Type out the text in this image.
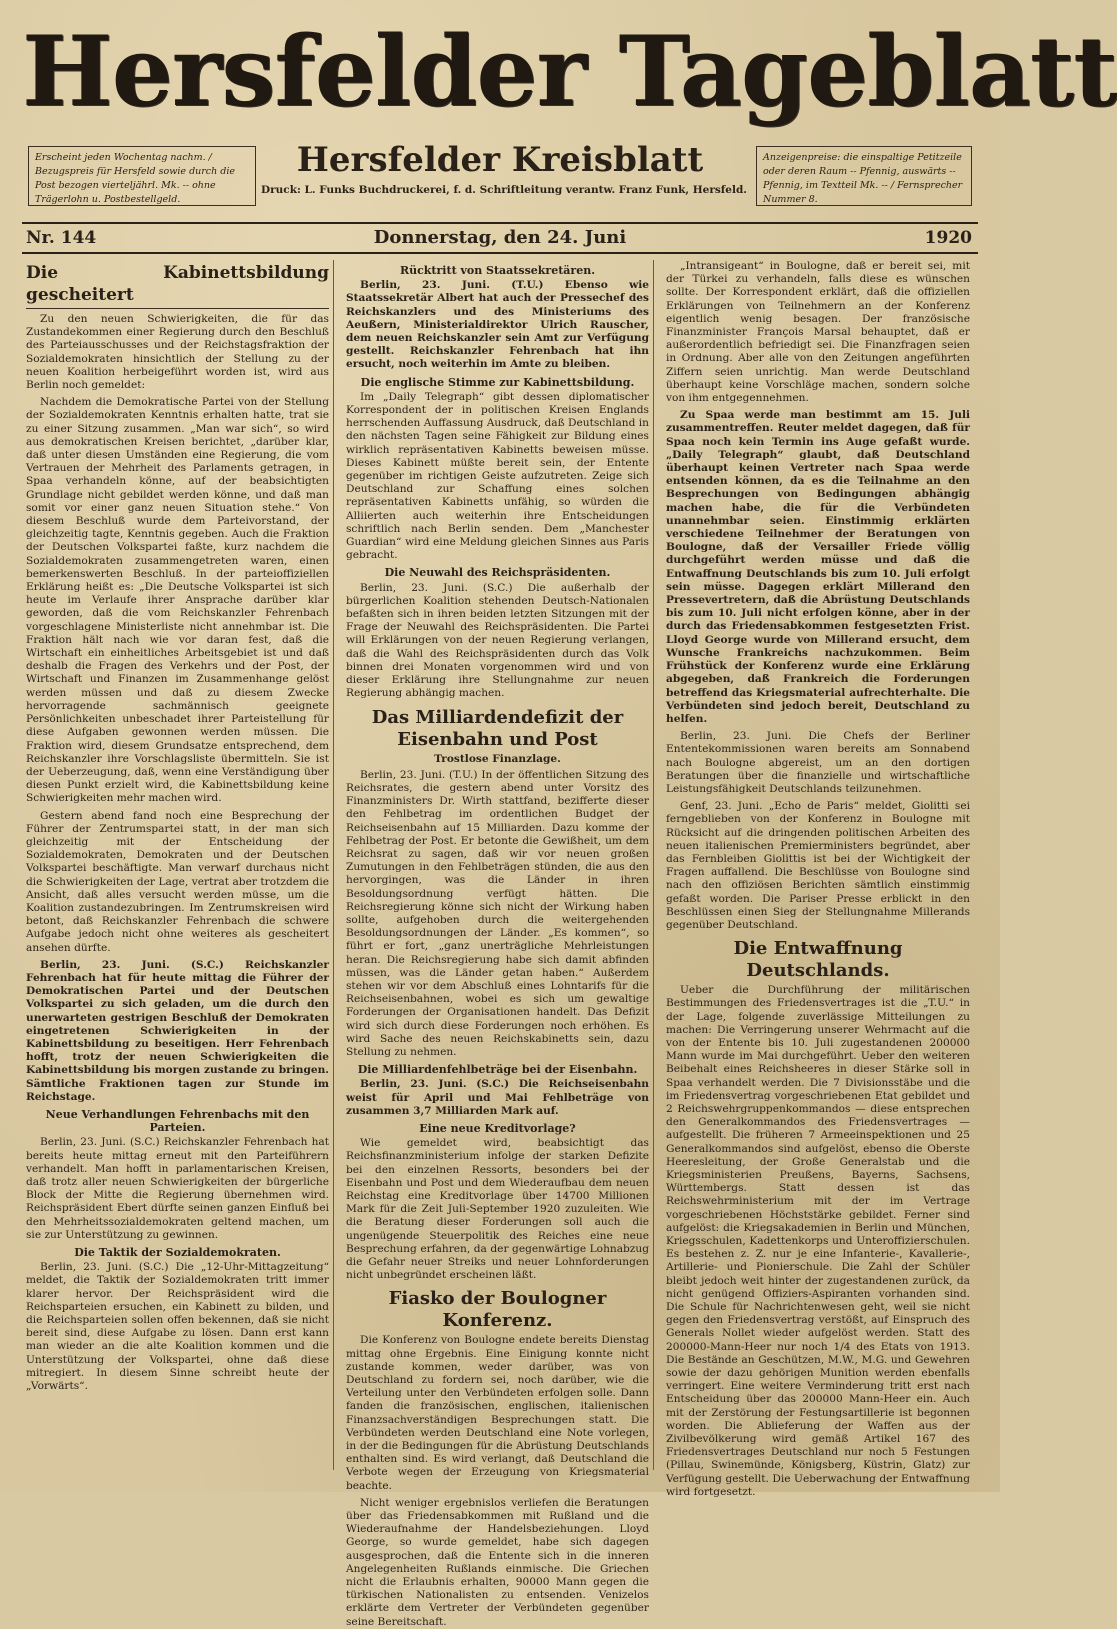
Hersfelder Tageblatt
Erscheint jeden Wochentag nachm. / Bezugspreis für Hersfeld sowie durch die Post bezogen vierteljährl. Mk. -- ohne Trägerlohn u. Postbestellgeld.
Hersfelder Kreisblatt
Druck: L. Funks Buchdruckerei, f. d. Schriftleitung verantw. Franz Funk, Hersfeld.
Anzeigenpreise: die einspaltige Petitzeile oder deren Raum -- Pfennig, auswärts -- Pfennig, im Textteil Mk. -- / Fernsprecher Nummer 8.
Nr. 144	Donnerstag, den 24. Juni	1920
Die Kabinettsbildung gescheitert

Zu den neuen Schwierigkeiten, die für das Zustandekommen einer Regierung durch den Beschluß des Parteiausschusses und der Reichstagsfraktion der Sozialdemokraten hinsichtlich der Stellung zu der neuen Koalition herbeigeführt worden ist, wird aus Berlin noch gemeldet:

Nachdem die Demokratische Partei von der Stellung der Sozialdemokraten Kenntnis erhalten hatte, trat sie zu einer Sitzung zusammen. „Man war sich“, so wird aus demokratischen Kreisen berichtet, „darüber klar, daß unter diesen Umständen eine Regierung, die vom Vertrauen der Mehrheit des Parlaments getragen, in Spaa verhandeln könne, auf der beabsichtigten Grundlage nicht gebildet werden könne, und daß man somit vor einer ganz neuen Situation stehe.“ Von diesem Beschluß wurde dem Parteivorstand, der gleichzeitig tagte, Kenntnis gegeben. Auch die Fraktion der Deutschen Volkspartei faßte, kurz nachdem die Sozialdemokraten zusammengetreten waren, einen bemerkenswerten Beschluß. In der parteioffiziellen Erklärung heißt es: „Die Deutsche Volkspartei ist sich heute im Verlaufe ihrer Ansprache darüber klar geworden, daß die vom Reichskanzler Fehrenbach vorgeschlagene Ministerliste nicht annehmbar ist. Die Fraktion hält nach wie vor daran fest, daß die Wirtschaft ein einheitliches Arbeitsgebiet ist und daß deshalb die Fragen des Verkehrs und der Post, der Wirtschaft und Finanzen im Zusammenhange gelöst werden müssen und daß zu diesem Zwecke hervorragende sachmännisch geeignete Persönlichkeiten unbeschadet ihrer Parteistellung für diese Aufgaben gewonnen werden müssen. Die Fraktion wird, diesem Grundsatze entsprechend, dem Reichskanzler ihre Vorschlagsliste übermitteln. Sie ist der Ueberzeugung, daß, wenn eine Verständigung über diesen Punkt erzielt wird, die Kabinettsbildung keine Schwierigkeiten mehr machen wird.

Gestern abend fand noch eine Besprechung der Führer der Zentrumspartei statt, in der man sich gleichzeitig mit der Entscheidung der Sozialdemokraten, Demokraten und der Deutschen Volkspartei beschäftigte. Man verwarf durchaus nicht die Schwierigkeiten der Lage, vertrat aber trotzdem die Ansicht, daß alles versucht werden müsse, um die Koalition zustandezubringen. Im Zentrumskreisen wird betont, daß Reichskanzler Fehrenbach die schwere Aufgabe jedoch nicht ohne weiteres als gescheitert ansehen dürfte.

Berlin, 23. Juni. (S.C.) Reichskanzler Fehrenbach hat für heute mittag die Führer der Demokratischen Partei und der Deutschen Volkspartei zu sich geladen, um die durch den unerwarteten gestrigen Beschluß der Demokraten eingetretenen Schwierigkeiten in der Kabinettsbildung zu beseitigen. Herr Fehrenbach hofft, trotz der neuen Schwierigkeiten die Kabinettsbildung bis morgen zustande zu bringen. Sämtliche Fraktionen tagen zur Stunde im Reichstage.

Neue Verhandlungen Fehrenbachs mit den Parteien.

Berlin, 23. Juni. (S.C.) Reichskanzler Fehrenbach hat bereits heute mittag erneut mit den Parteiführern verhandelt. Man hofft in parlamentarischen Kreisen, daß trotz aller neuen Schwierigkeiten der bürgerliche Block der Mitte die Regierung übernehmen wird. Reichspräsident Ebert dürfte seinen ganzen Einfluß bei den Mehrheitssozialdemokraten geltend machen, um sie zur Unterstützung zu gewinnen.

Die Taktik der Sozialdemokraten.

Berlin, 23. Juni. (S.C.) Die „12-Uhr-Mittagzeitung“ meldet, die Taktik der Sozialdemokraten tritt immer klarer hervor. Der Reichspräsident wird die Reichsparteien ersuchen, ein Kabinett zu bilden, und die Reichsparteien sollen offen bekennen, daß sie nicht bereit sind, diese Aufgabe zu lösen. Dann erst kann man wieder an die alte Koalition kommen und die Unterstützung der Volkspartei, ohne daß diese mitregiert. In diesem Sinne schreibt heute der „Vorwärts“.

Rücktritt von Staatssekretären.

Berlin, 23. Juni. (T.U.) Ebenso wie Staatssekretär Albert hat auch der Pressechef des Reichskanzlers und des Ministeriums des Aeußern, Ministerialdirektor Ulrich Rauscher, dem neuen Reichskanzler sein Amt zur Verfügung gestellt. Reichskanzler Fehrenbach hat ihn ersucht, noch weiterhin im Amte zu bleiben.

Die englische Stimme zur Kabinettsbildung.

Im „Daily Telegraph“ gibt dessen diplomatischer Korrespondent der in politischen Kreisen Englands herrschenden Auffassung Ausdruck, daß Deutschland in den nächsten Tagen seine Fähigkeit zur Bildung eines wirklich repräsentativen Kabinetts beweisen müsse. Dieses Kabinett müßte bereit sein, der Entente gegenüber im richtigen Geiste aufzutreten. Zeige sich Deutschland zur Schaffung eines solchen repräsentativen Kabinetts unfähig, so würden die Alliierten auch weiterhin ihre Entscheidungen schriftlich nach Berlin senden. Dem „Manchester Guardian“ wird eine Meldung gleichen Sinnes aus Paris gebracht.

Die Neuwahl des Reichspräsidenten.

Berlin, 23. Juni. (S.C.) Die außerhalb der bürgerlichen Koalition stehenden Deutsch-Nationalen befaßten sich in ihren beiden letzten Sitzungen mit der Frage der Neuwahl des Reichspräsidenten. Die Partei will Erklärungen von der neuen Regierung verlangen, daß die Wahl des Reichspräsidenten durch das Volk binnen drei Monaten vorgenommen wird und von dieser Erklärung ihre Stellungnahme zur neuen Regierung abhängig machen.

Das Milliardendefizit der Eisenbahn und Post
Trostlose Finanzlage.

Berlin, 23. Juni. (T.U.) In der öffentlichen Sitzung des Reichsrates, die gestern abend unter Vorsitz des Finanzministers Dr. Wirth stattfand, bezifferte dieser den Fehlbetrag im ordentlichen Budget der Reichseisenbahn auf 15 Milliarden. Dazu komme der Fehlbetrag der Post. Er betonte die Gewißheit, um dem Reichsrat zu sagen, daß wir vor neuen großen Zumutungen in den Fehlbeträgen stünden, die aus den hervorgingen, was die Länder in ihren Besoldungsordnung verfügt hätten. Die Reichsregierung könne sich nicht der Wirkung haben sollte, aufgehoben durch die weitergehenden Besoldungsordnungen der Länder. „Es kommen“, so führt er fort, „ganz unerträgliche Mehrleistungen heran. Die Reichsregierung habe sich damit abfinden müssen, was die Länder getan haben.“ Außerdem stehen wir vor dem Abschluß eines Lohntarifs für die Reichseisenbahnen, wobei es sich um gewaltige Forderungen der Organisationen handelt. Das Defizit wird sich durch diese Forderungen noch erhöhen. Es wird Sache des neuen Reichskabinetts sein, dazu Stellung zu nehmen.

Die Milliardenfehlbeträge bei der Eisenbahn.

Berlin, 23. Juni. (S.C.) Die Reichseisenbahn weist für April und Mai Fehlbeträge von zusammen 3,7 Milliarden Mark auf.

Eine neue Kreditvorlage?

Wie gemeldet wird, beabsichtigt das Reichsfinanzministerium infolge der starken Defizite bei den einzelnen Ressorts, besonders bei der Eisenbahn und Post und dem Wiederaufbau dem neuen Reichstag eine Kreditvorlage über 14700 Millionen Mark für die Zeit Juli-September 1920 zuzuleiten. Wie die Beratung dieser Forderungen soll auch die ungenügende Steuerpolitik des Reiches eine neue Besprechung erfahren, da der gegenwärtige Lohnabzug die Gefahr neuer Streiks und neuer Lohnforderungen nicht unbegründet erscheinen läßt.

Fiasko der Boulogner Konferenz.

Die Konferenz von Boulogne endete bereits Dienstag mittag ohne Ergebnis. Eine Einigung konnte nicht zustande kommen, weder darüber, was von Deutschland zu fordern sei, noch darüber, wie die Verteilung unter den Verbündeten erfolgen solle. Dann fanden die französischen, englischen, italienischen Finanzsachverständigen Besprechungen statt. Die Verbündeten werden Deutschland eine Note vorlegen, in der die Bedingungen für die Abrüstung Deutschlands enthalten sind. Es wird verlangt, daß Deutschland die Verbote wegen der Erzeugung von Kriegsmaterial beachte.

Nicht weniger ergebnislos verliefen die Beratungen über das Friedensabkommen mit Rußland und die Wiederaufnahme der Handelsbeziehungen. Lloyd George, so wurde gemeldet, habe sich dagegen ausgesprochen, daß die Entente sich in die inneren Angelegenheiten Rußlands einmische. Die Griechen nicht die Erlaubnis erhalten, 90000 Mann gegen die türkischen Nationalisten zu entsenden. Venizelos erklärte dem Vertreter der Verbündeten gegenüber seine Bereitschaft.

„Intransigeant“ in Boulogne, daß er bereit sei, mit der Türkei zu verhandeln, falls diese es wünschen sollte. Der Korrespondent erklärt, daß die offiziellen Erklärungen von Teilnehmern an der Konferenz eigentlich wenig besagen. Der französische Finanzminister François Marsal behauptet, daß er außerordentlich befriedigt sei. Die Finanzfragen seien in Ordnung. Aber alle von den Zeitungen angeführten Ziffern seien unrichtig. Man werde Deutschland überhaupt keine Vorschläge machen, sondern solche von ihm entgegennehmen.

Zu Spaa werde man bestimmt am 15. Juli zusammentreffen. Reuter meldet dagegen, daß für Spaa noch kein Termin ins Auge gefaßt wurde. „Daily Telegraph“ glaubt, daß Deutschland überhaupt keinen Vertreter nach Spaa werde entsenden können, da es die Teilnahme an den Besprechungen von Bedingungen abhängig machen habe, die für die Verbündeten unannehmbar seien. Einstimmig erklärten verschiedene Teilnehmer der Beratungen von Boulogne, daß der Versailler Friede völlig durchgeführt werden müsse und daß die Entwaffnung Deutschlands bis zum 10. Juli erfolgt sein müsse. Dagegen erklärt Millerand den Pressevertretern, daß die Abrüstung Deutschlands bis zum 10. Juli nicht erfolgen könne, aber in der durch das Friedensabkommen festgesetzten Frist. Lloyd George wurde von Millerand ersucht, dem Wunsche Frankreichs nachzukommen. Beim Frühstück der Konferenz wurde eine Erklärung abgegeben, daß Frankreich die Forderungen betreffend das Kriegsmaterial aufrechterhalte. Die Verbündeten sind jedoch bereit, Deutschland zu helfen.

Berlin, 23. Juni. Die Chefs der Berliner Ententekommissionen waren bereits am Sonnabend nach Boulogne abgereist, um an den dortigen Beratungen über die finanzielle und wirtschaftliche Leistungsfähigkeit Deutschlands teilzunehmen.

Genf, 23. Juni. „Echo de Paris“ meldet, Giolitti sei ferngeblieben von der Konferenz in Boulogne mit Rücksicht auf die dringenden politischen Arbeiten des neuen italienischen Premierministers begründet, aber das Fernbleiben Giolittis ist bei der Wichtigkeit der Fragen auffallend. Die Beschlüsse von Boulogne sind nach den offiziösen Berichten sämtlich einstimmig gefaßt worden. Die Pariser Presse erblickt in den Beschlüssen einen Sieg der Stellungnahme Millerands gegenüber Deutschland.

Die Entwaffnung Deutschlands.

Ueber die Durchführung der militärischen Bestimmungen des Friedensvertrages ist die „T.U.“ in der Lage, folgende zuverlässige Mitteilungen zu machen: Die Verringerung unserer Wehrmacht auf die von der Entente bis 10. Juli zugestandenen 200000 Mann wurde im Mai durchgeführt. Ueber den weiteren Beibehalt eines Reichsheeres in dieser Stärke soll in Spaa verhandelt werden. Die 7 Divisionsstäbe und die im Friedensvertrag vorgeschriebenen Etat gebildet und 2 Reichswehrgruppenkommandos — diese entsprechen den Generalkommandos des Friedensvertrages — aufgestellt. Die früheren 7 Armeeinspektionen und 25 Generalkommandos sind aufgelöst, ebenso die Oberste Heeresleitung, der Große Generalstab und die Kriegsministerien Preußens, Bayerns, Sachsens, Württembergs. Statt dessen ist das Reichswehrministerium mit der im Vertrage vorgeschriebenen Höchststärke gebildet. Ferner sind aufgelöst: die Kriegsakademien in Berlin und München, Kriegsschulen, Kadettenkorps und Unteroffizierschulen. Es bestehen z. Z. nur je eine Infanterie-, Kavallerie-, Artillerie- und Pionierschule. Die Zahl der Schüler bleibt jedoch weit hinter der zugestandenen zurück, da nicht genügend Offiziers-Aspiranten vorhanden sind. Die Schule für Nachrichtenwesen geht, weil sie nicht gegen den Friedensvertrag verstößt, auf Einspruch des Generals Nollet wieder aufgelöst werden. Statt des 200000-Mann-Heer nur noch 1/4 des Etats von 1913. Die Bestände an Geschützen, M.W., M.G. und Gewehren sowie der dazu gehörigen Munition werden ebenfalls verringert. Eine weitere Verminderung tritt erst nach Entscheidung über das 200000 Mann-Heer ein. Auch mit der Zerstörung der Festungsartillerie ist begonnen worden. Die Ablieferung der Waffen aus der Zivilbevölkerung wird gemäß Artikel 167 des Friedensvertrages Deutschland nur noch 5 Festungen (Pillau, Swinemünde, Königsberg, Küstrin, Glatz) zur Verfügung gestellt. Die Ueberwachung der Entwaffnung wird fortgesetzt.
